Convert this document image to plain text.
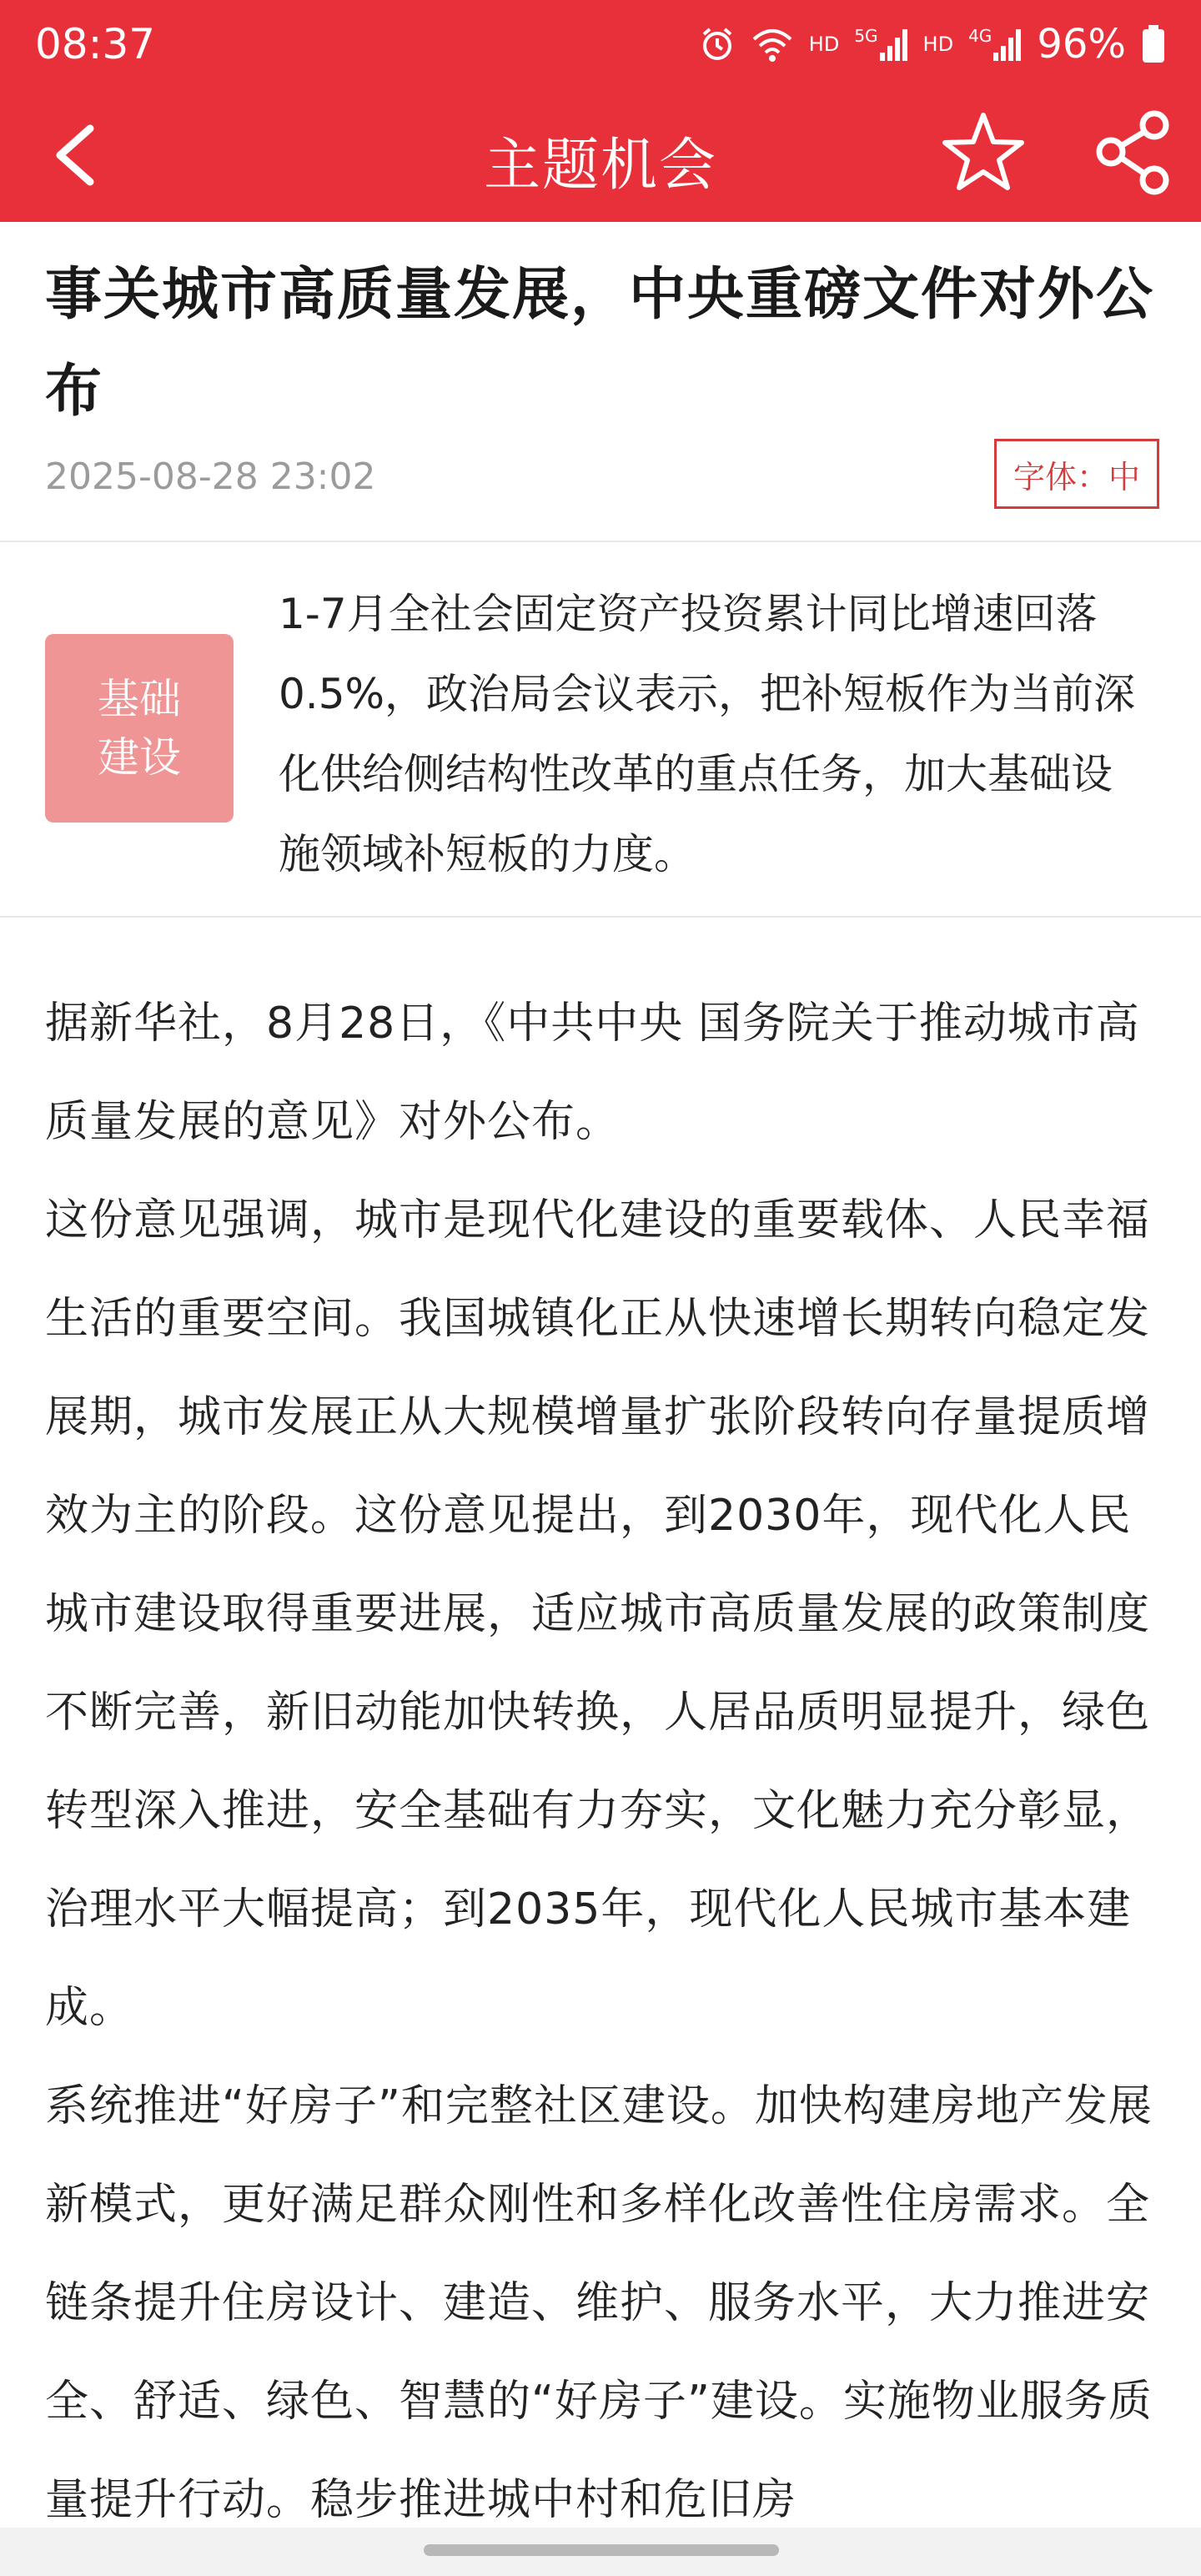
08:37	HD 5G HD 4G 96%
主题机会
事关城市高质量发展，中央重磅文件对外公布
2025-08-28 23:02	字体：中
基础建设
1-7月全社会固定资产投资累计同比增速回落0.5%，政治局会议表示，把补短板作为当前深化供给侧结构性改革的重点任务，加大基础设施领域补短板的力度。

据新华社，8月28日，《中共中央 国务院关于推动城市高质量发展的意见》对外公布。

这份意见强调，城市是现代化建设的重要载体、人民幸福生活的重要空间。我国城镇化正从快速增长期转向稳定发展期，城市发展正从大规模增量扩张阶段转向存量提质增效为主的阶段。这份意见提出，到2030年，现代化人民城市建设取得重要进展，适应城市高质量发展的政策制度不断完善，新旧动能加快转换，人居品质明显提升，绿色转型深入推进，安全基础有力夯实，文化魅力充分彰显，治理水平大幅提高；到2035年，现代化人民城市基本建成。

系统推进“好房子”和完整社区建设。加快构建房地产发展新模式，更好满足群众刚性和多样化改善性住房需求。全链条提升住房设计、建造、维护、服务水平，大力推进安全、舒适、绿色、智慧的“好房子”建设。实施物业服务质量提升行动。稳步推进城中村和危旧房
